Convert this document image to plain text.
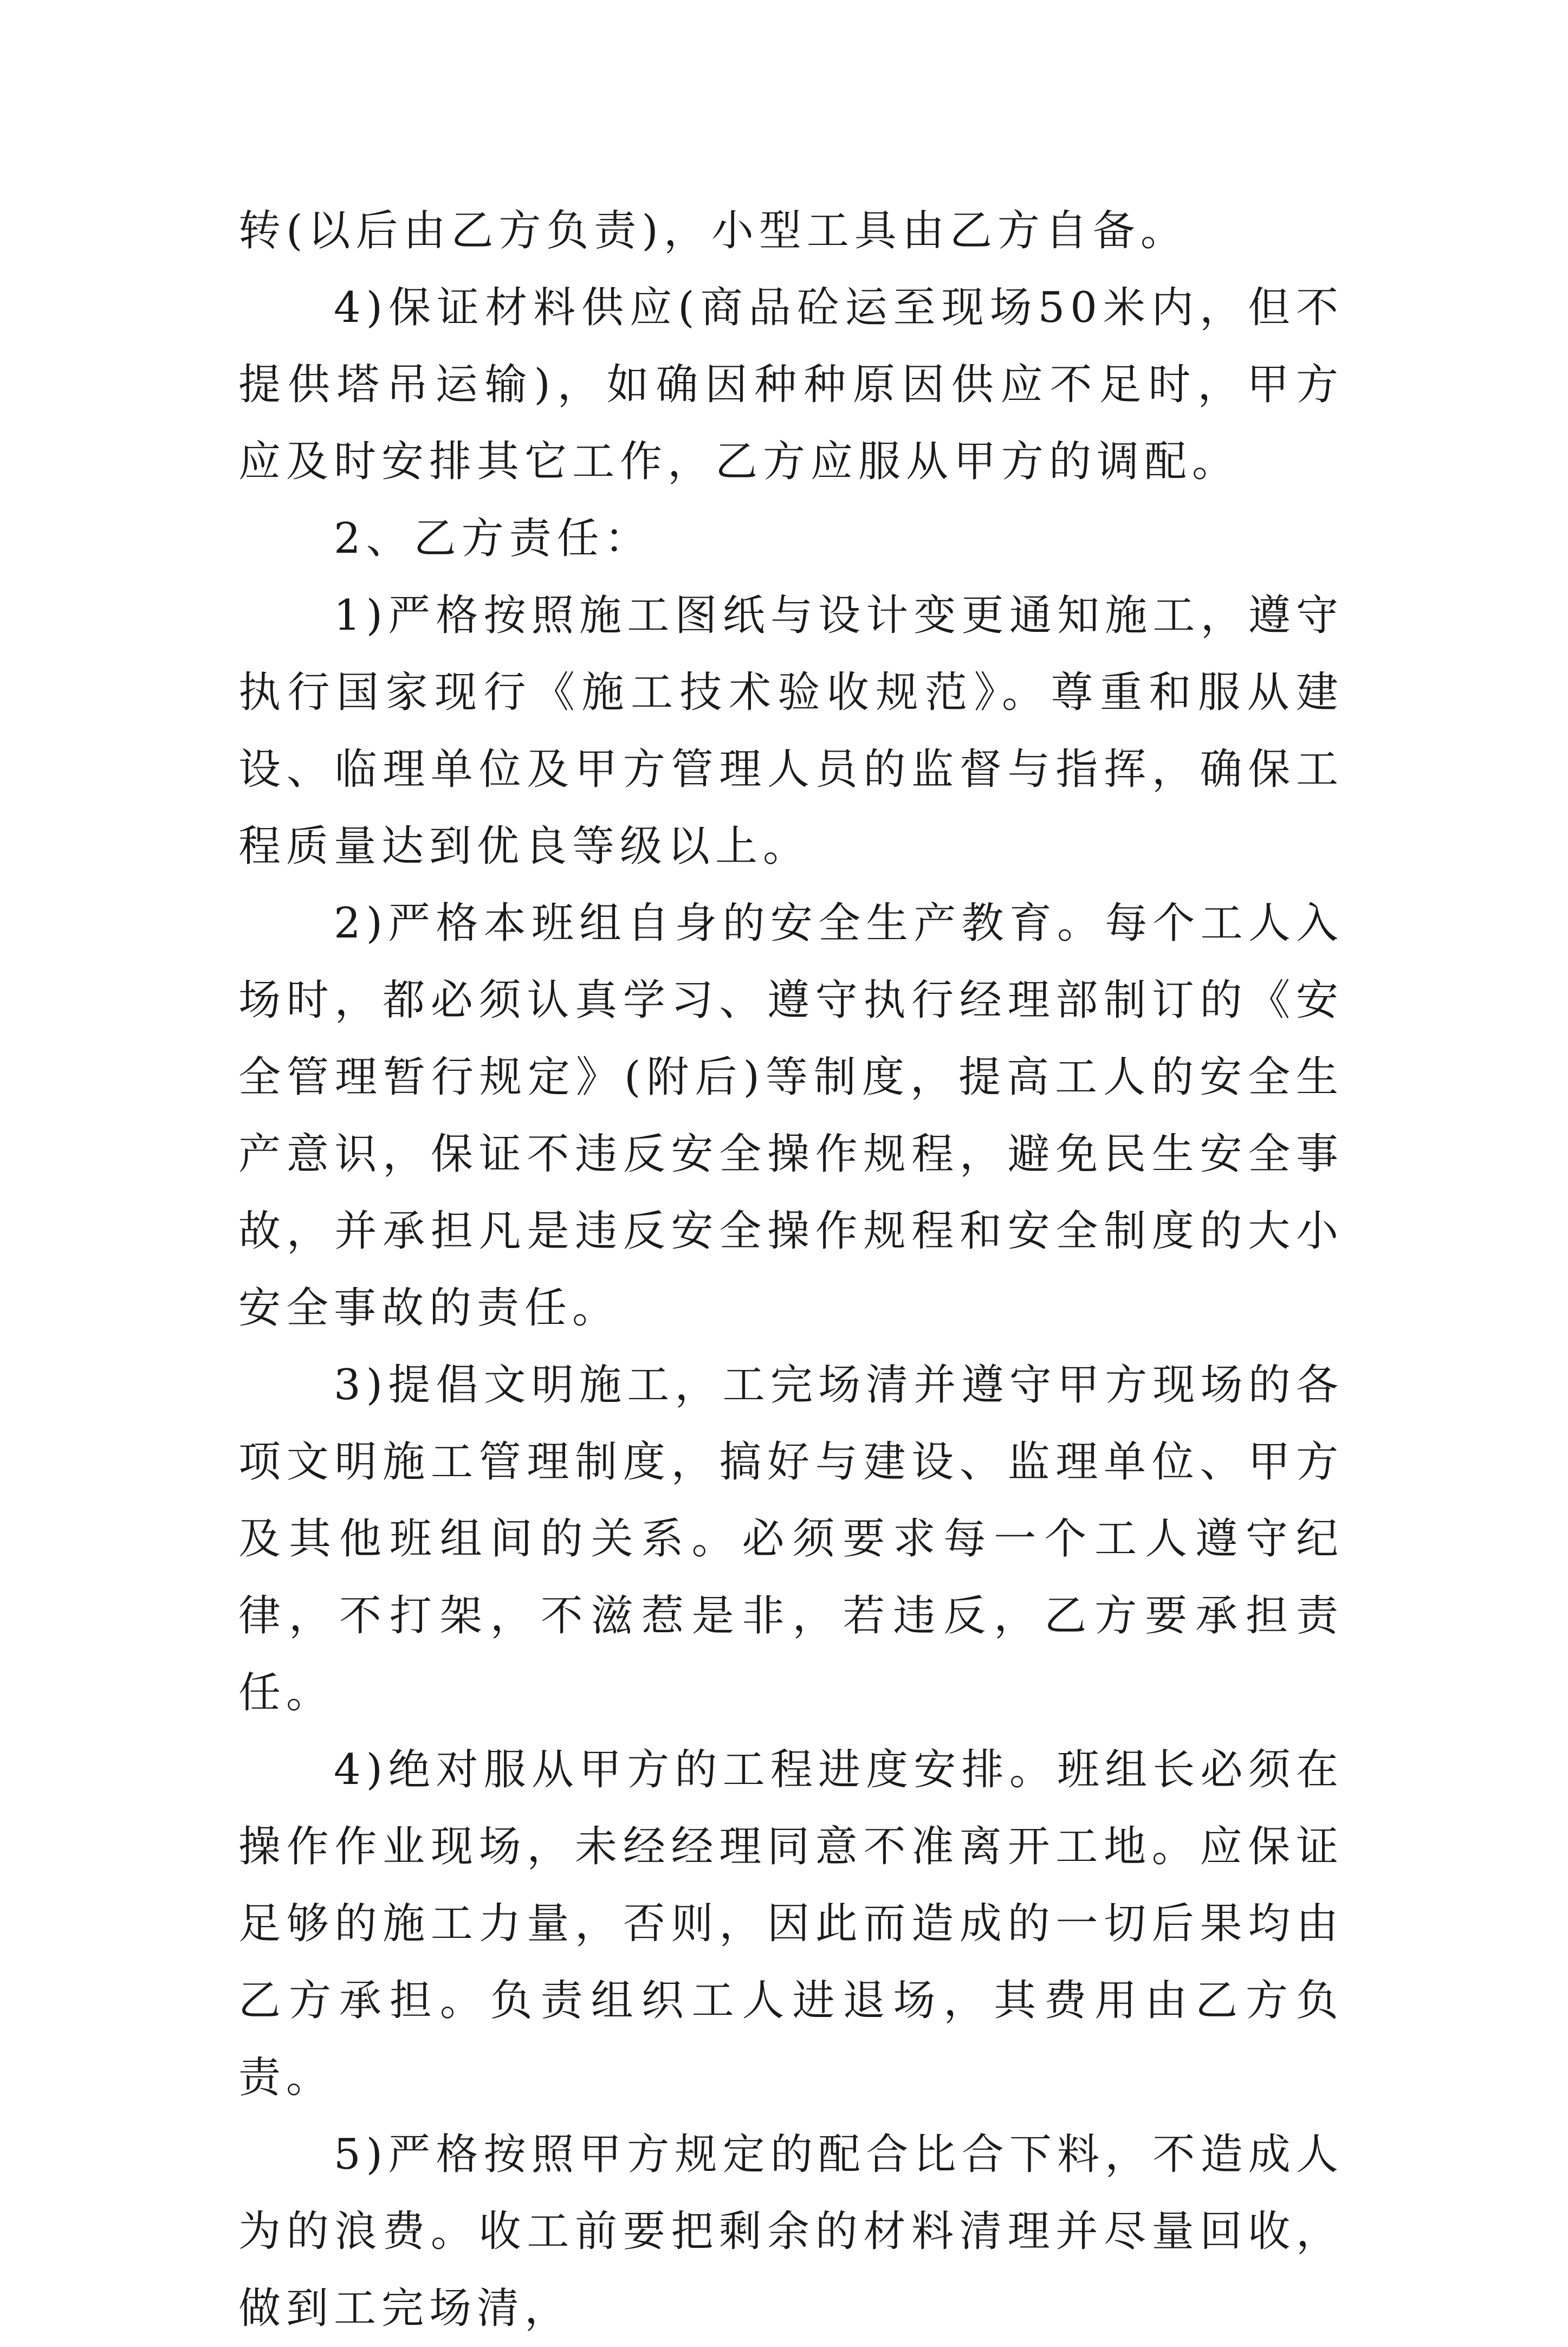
转(以后由乙方负责)，小型工具由乙方自备。

4)保证材料供应(商品砼运至现场50米内，但不提供塔吊运输)，如确因种种原因供应不足时，甲方应及时安排其它工作，乙方应服从甲方的调配。

2、乙方责任：

1)严格按照施工图纸与设计变更通知施工，遵守执行国家现行《施工技术验收规范》。尊重和服从建设、临理单位及甲方管理人员的监督与指挥，确保工程质量达到优良等级以上。

2)严格本班组自身的安全生产教育。每个工人入场时，都必须认真学习、遵守执行经理部制订的《安全管理暂行规定》(附后)等制度，提高工人的安全生产意识，保证不违反安全操作规程，避免民生安全事故，并承担凡是违反安全操作规程和安全制度的大小安全事故的责任。

3)提倡文明施工，工完场清并遵守甲方现场的各项文明施工管理制度，搞好与建设、监理单位、甲方及其他班组间的关系。必须要求每一个工人遵守纪律，不打架，不滋惹是非，若违反，乙方要承担责任。

4)绝对服从甲方的工程进度安排。班组长必须在操作作业现场，未经经理同意不准离开工地。应保证足够的施工力量，否则，因此而造成的一切后果均由乙方承担。负责组织工人进退场，其费用由乙方负责。

5)严格按照甲方规定的配合比合下料，不造成人为的浪费。收工前要把剩余的材料清理并尽量回收，做到工完场清，
